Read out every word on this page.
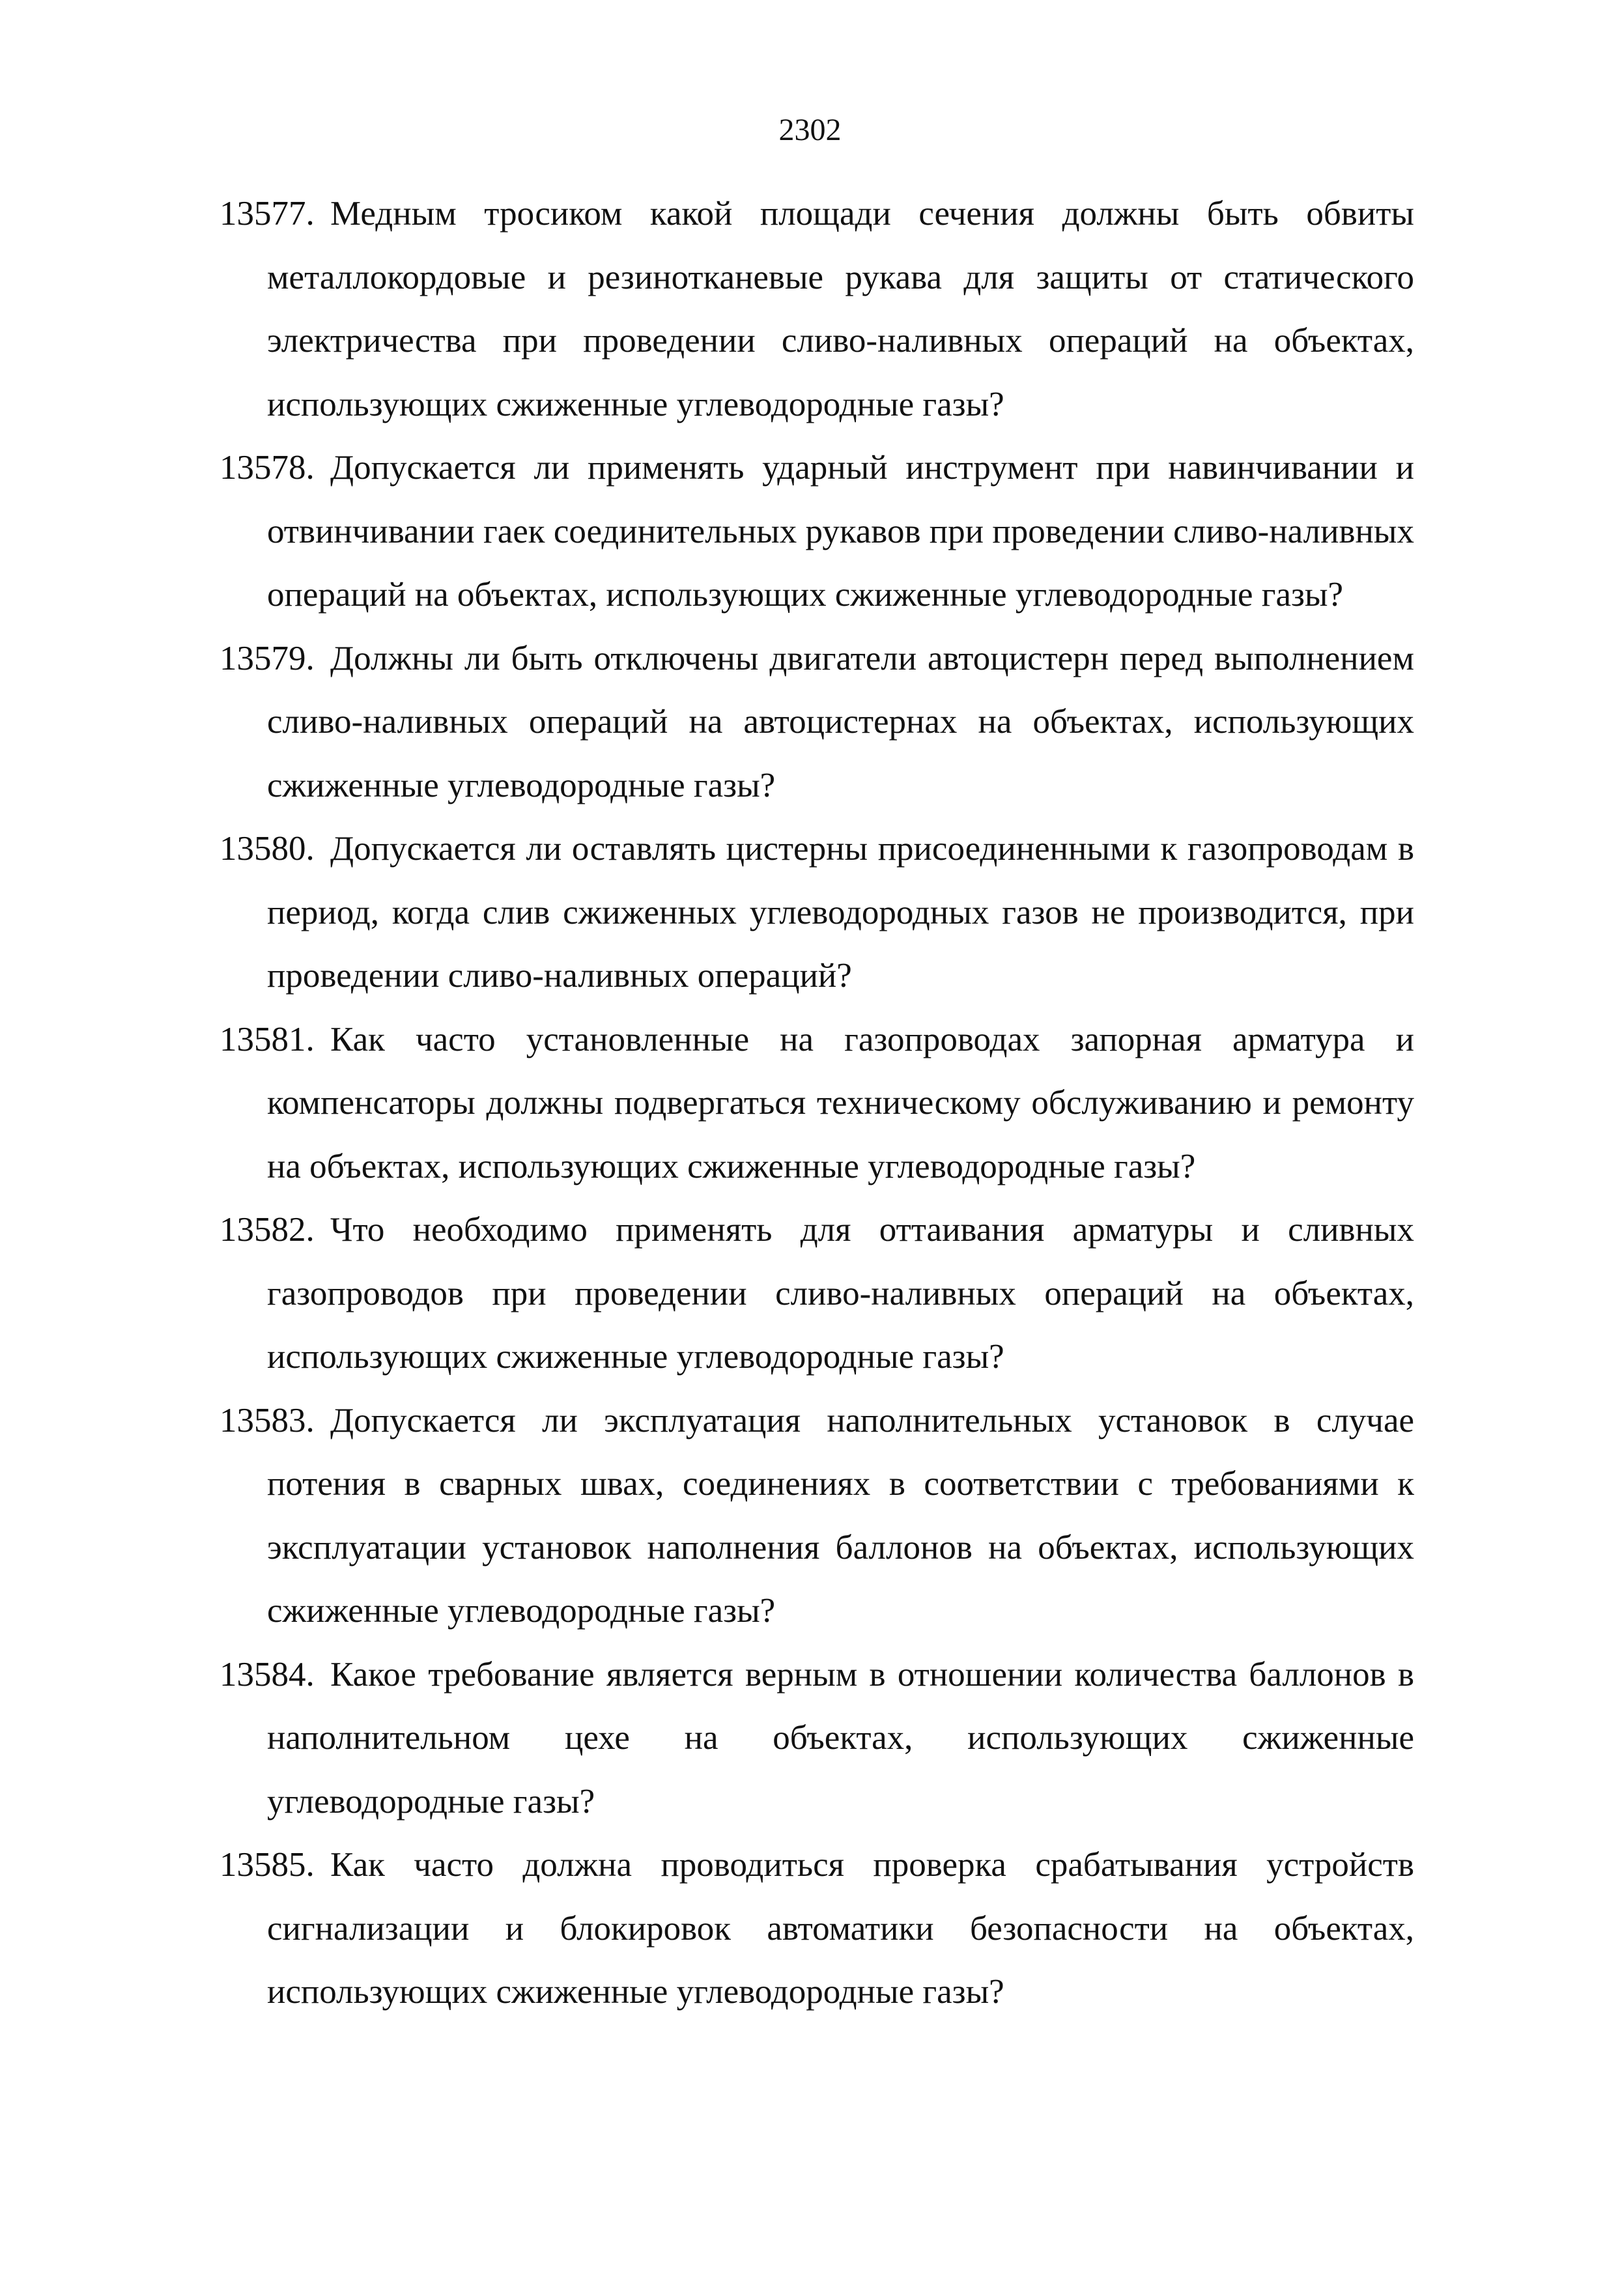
2302
13577. Медным тросиком какой площади сечения должны быть обвиты металлокордовые и резинотканевые рукава для защиты от статического электричества при проведении сливо-наливных операций на объектах, использующих сжиженные углеводородные газы?
13578. Допускается ли применять ударный инструмент при навинчивании и отвинчивании гаек соединительных рукавов при проведении сливо-наливных операций на объектах, использующих сжиженные углеводородные газы?
13579. Должны ли быть отключены двигатели автоцистерн перед выполнением сливо-наливных операций на автоцистернах на объектах, использующих сжиженные углеводородные газы?
13580. Допускается ли оставлять цистерны присоединенными к газопроводам в период, когда слив сжиженных углеводородных газов не производится, при проведении сливо-наливных операций?
13581. Как часто установленные на газопроводах запорная арматура и компенсаторы должны подвергаться техническому обслуживанию и ремонту на объектах, использующих сжиженные углеводородные газы?
13582. Что необходимо применять для оттаивания арматуры и сливных газопроводов при проведении сливо-наливных операций на объектах, использующих сжиженные углеводородные газы?
13583. Допускается ли эксплуатация наполнительных установок в случае потения в сварных швах, соединениях в соответствии с требованиями к эксплуатации установок наполнения баллонов на объектах, использующих сжиженные углеводородные газы?
13584. Какое требование является верным в отношении количества баллонов в наполнительном цехе на объектах, использующих сжиженные углеводородные газы?
13585. Как часто должна проводиться проверка срабатывания устройств сигнализации и блокировок автоматики безопасности на объектах, использующих сжиженные углеводородные газы?
